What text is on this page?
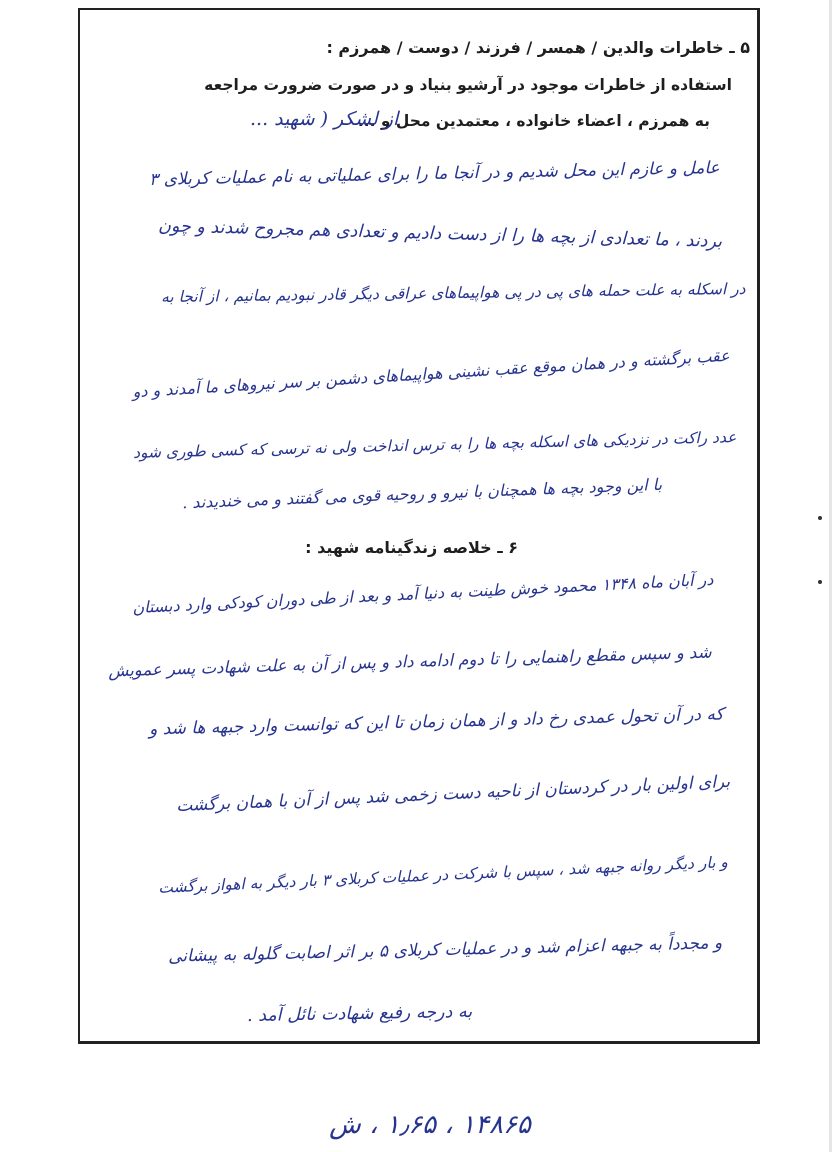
۵ ـ خاطرات والدین / همسر / فرزند / دوست / همرزم :
استفاده از خاطرات موجود در آرشیو بنیاد و در صورت ضرورت مراجعه
به همرزم ، اعضاء خانواده ، معتمدین محل و ...
از لشکر ( شهید ...
عامل و عازم این محل شدیم و در آنجا ما را برای عملیاتی به نام عملیات کربلای ۳
بردند ، ما تعدادی از بچه ها را از دست دادیم و تعدادی هم مجروح شدند و چون
در اسکله به علت حمله های پی در پی هواپیماهای عراقی دیگر قادر نبودیم بمانیم ، از آنجا به
عقب برگشته و در همان موقع عقب نشینی هواپیماهای دشمن بر سر نیروهای ما آمدند و دو
عدد راکت در نزدیکی های اسکله بچه ها را به ترس انداخت ولی نه ترسی که کسی طوری شود
با این وجود بچه ها همچنان با نیرو و روحیه قوی می گفتند و می خندیدند .
۶ ـ خلاصه زندگینامه شهید :
در آبان ماه ۱۳۴۸ محمود خوش طینت به دنیا آمد و بعد از طی دوران کودکی وارد دبستان
شد و سپس مقطع راهنمایی را تا دوم ادامه داد و پس از آن به علت شهادت پسر عمویش
که در آن تحول عمدی رخ داد و از همان زمان تا این که توانست وارد جبهه ها شد و
برای اولین بار در کردستان از ناحیه دست زخمی شد پس از آن با همان برگشت
و بار دیگر روانه جبهه شد ، سپس با شرکت در عملیات کربلای ۳ بار دیگر به اهواز برگشت
و مجدداً به جبهه اعزام شد و در عملیات کربلای ۵ بر اثر اصابت گلوله به پیشانی
به درجه رفیع شهادت نائل آمد .
۱۴۸۶۵ ، ۱٫۶۵ ، ش
